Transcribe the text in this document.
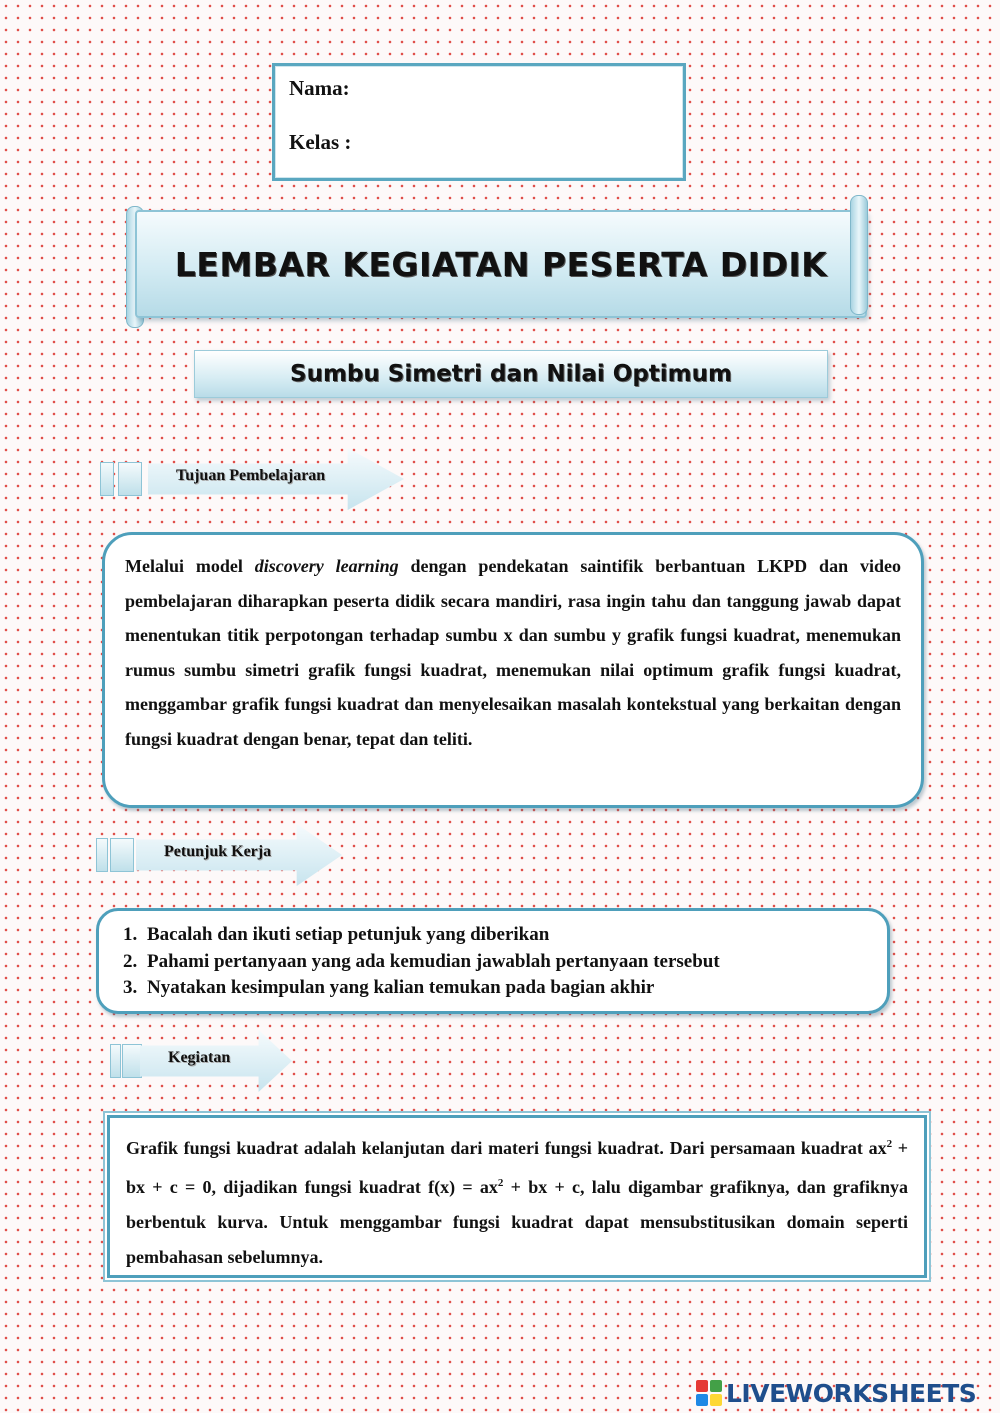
Nama:
Kelas :
LEMBAR KEGIATAN PESERTA DIDIK
Sumbu Simetri dan Nilai Optimum
Tujuan Pembelajaran
Melalui model discovery learning dengan pendekatan saintifik berbantuan LKPD dan video pembelajaran diharapkan peserta didik secara mandiri, rasa ingin tahu dan tanggung jawab dapat menentukan titik perpotongan terhadap sumbu x dan sumbu y grafik fungsi kuadrat, menemukan rumus sumbu simetri grafik fungsi kuadrat, menemukan nilai optimum grafik fungsi kuadrat, menggambar grafik fungsi kuadrat dan menyelesaikan masalah kontekstual yang berkaitan dengan fungsi kuadrat dengan benar, tepat dan teliti.
Petunjuk Kerja
1. Bacalah dan ikuti setiap petunjuk yang diberikan
2. Pahami pertanyaan yang ada kemudian jawablah pertanyaan tersebut
3. Nyatakan kesimpulan yang kalian temukan pada bagian akhir
Kegiatan
Grafik fungsi kuadrat adalah kelanjutan dari materi fungsi kuadrat. Dari persamaan kuadrat $ax^2$ + bx + c = 0, dijadikan fungsi kuadrat $f(x) = ax^2$ + bx + c, lalu digambar grafiknya, dan grafiknya berbentuk kurva. Untuk menggambar fungsi kuadrat dapat mensubstitusikan domain seperti pembahasan sebelumnya.
LIVEWORKSHEETS
